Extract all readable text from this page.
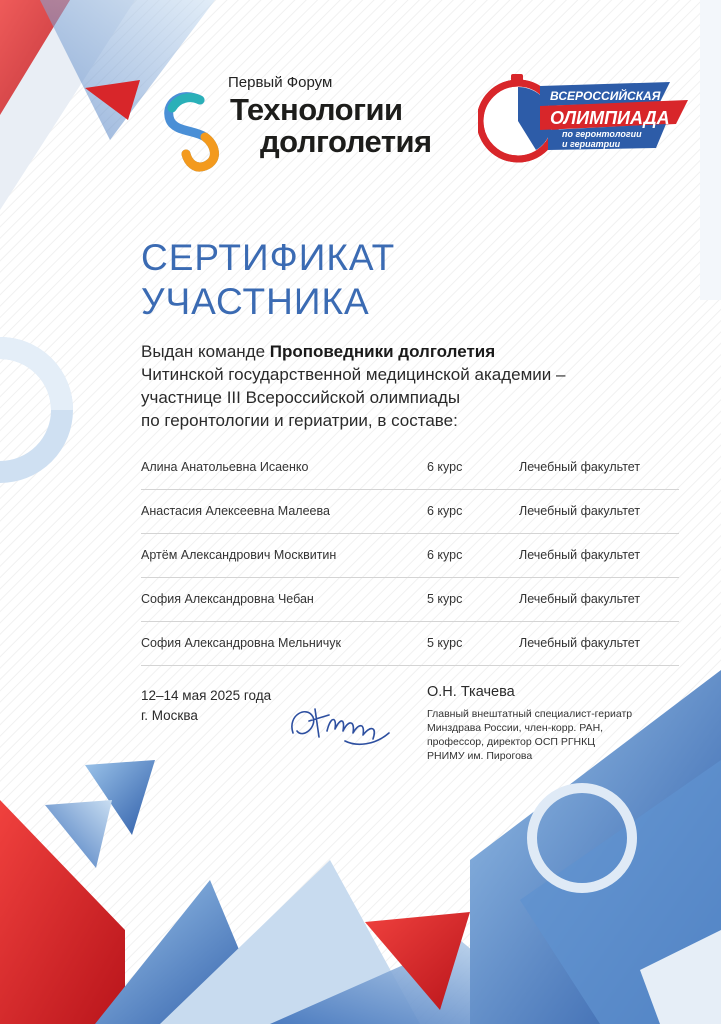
Первый Форум
Технологии
долголетия
ВСЕРОССИЙСКАЯ
ОЛИМПИАДА
по геронтологии
и гериатрии
СЕРТИФИКАТ
УЧАСТНИКА
Выдан команде Проповедники долголетия
Читинской государственной медицинской академии –
участнице III Всероссийской олимпиады
по геронтологии и гериатрии, в составе:
Алина Анатольевна Исаенко	6 курс	Лечебный факультет
Анастасия Алексеевна Малеева	6 курс	Лечебный факультет
Артём Александрович Москвитин	6 курс	Лечебный факультет
София Александровна Чебан	5 курс	Лечебный факультет
София Александровна Мельничук	5 курс	Лечебный факультет
12–14 мая 2025 года
г. Москва
О.Н. Ткачева
Главный внештатный специалист-гериатр
Минздрава России, член-корр. РАН,
профессор, директор ОСП РГНКЦ
РНИМУ им. Пирогова
